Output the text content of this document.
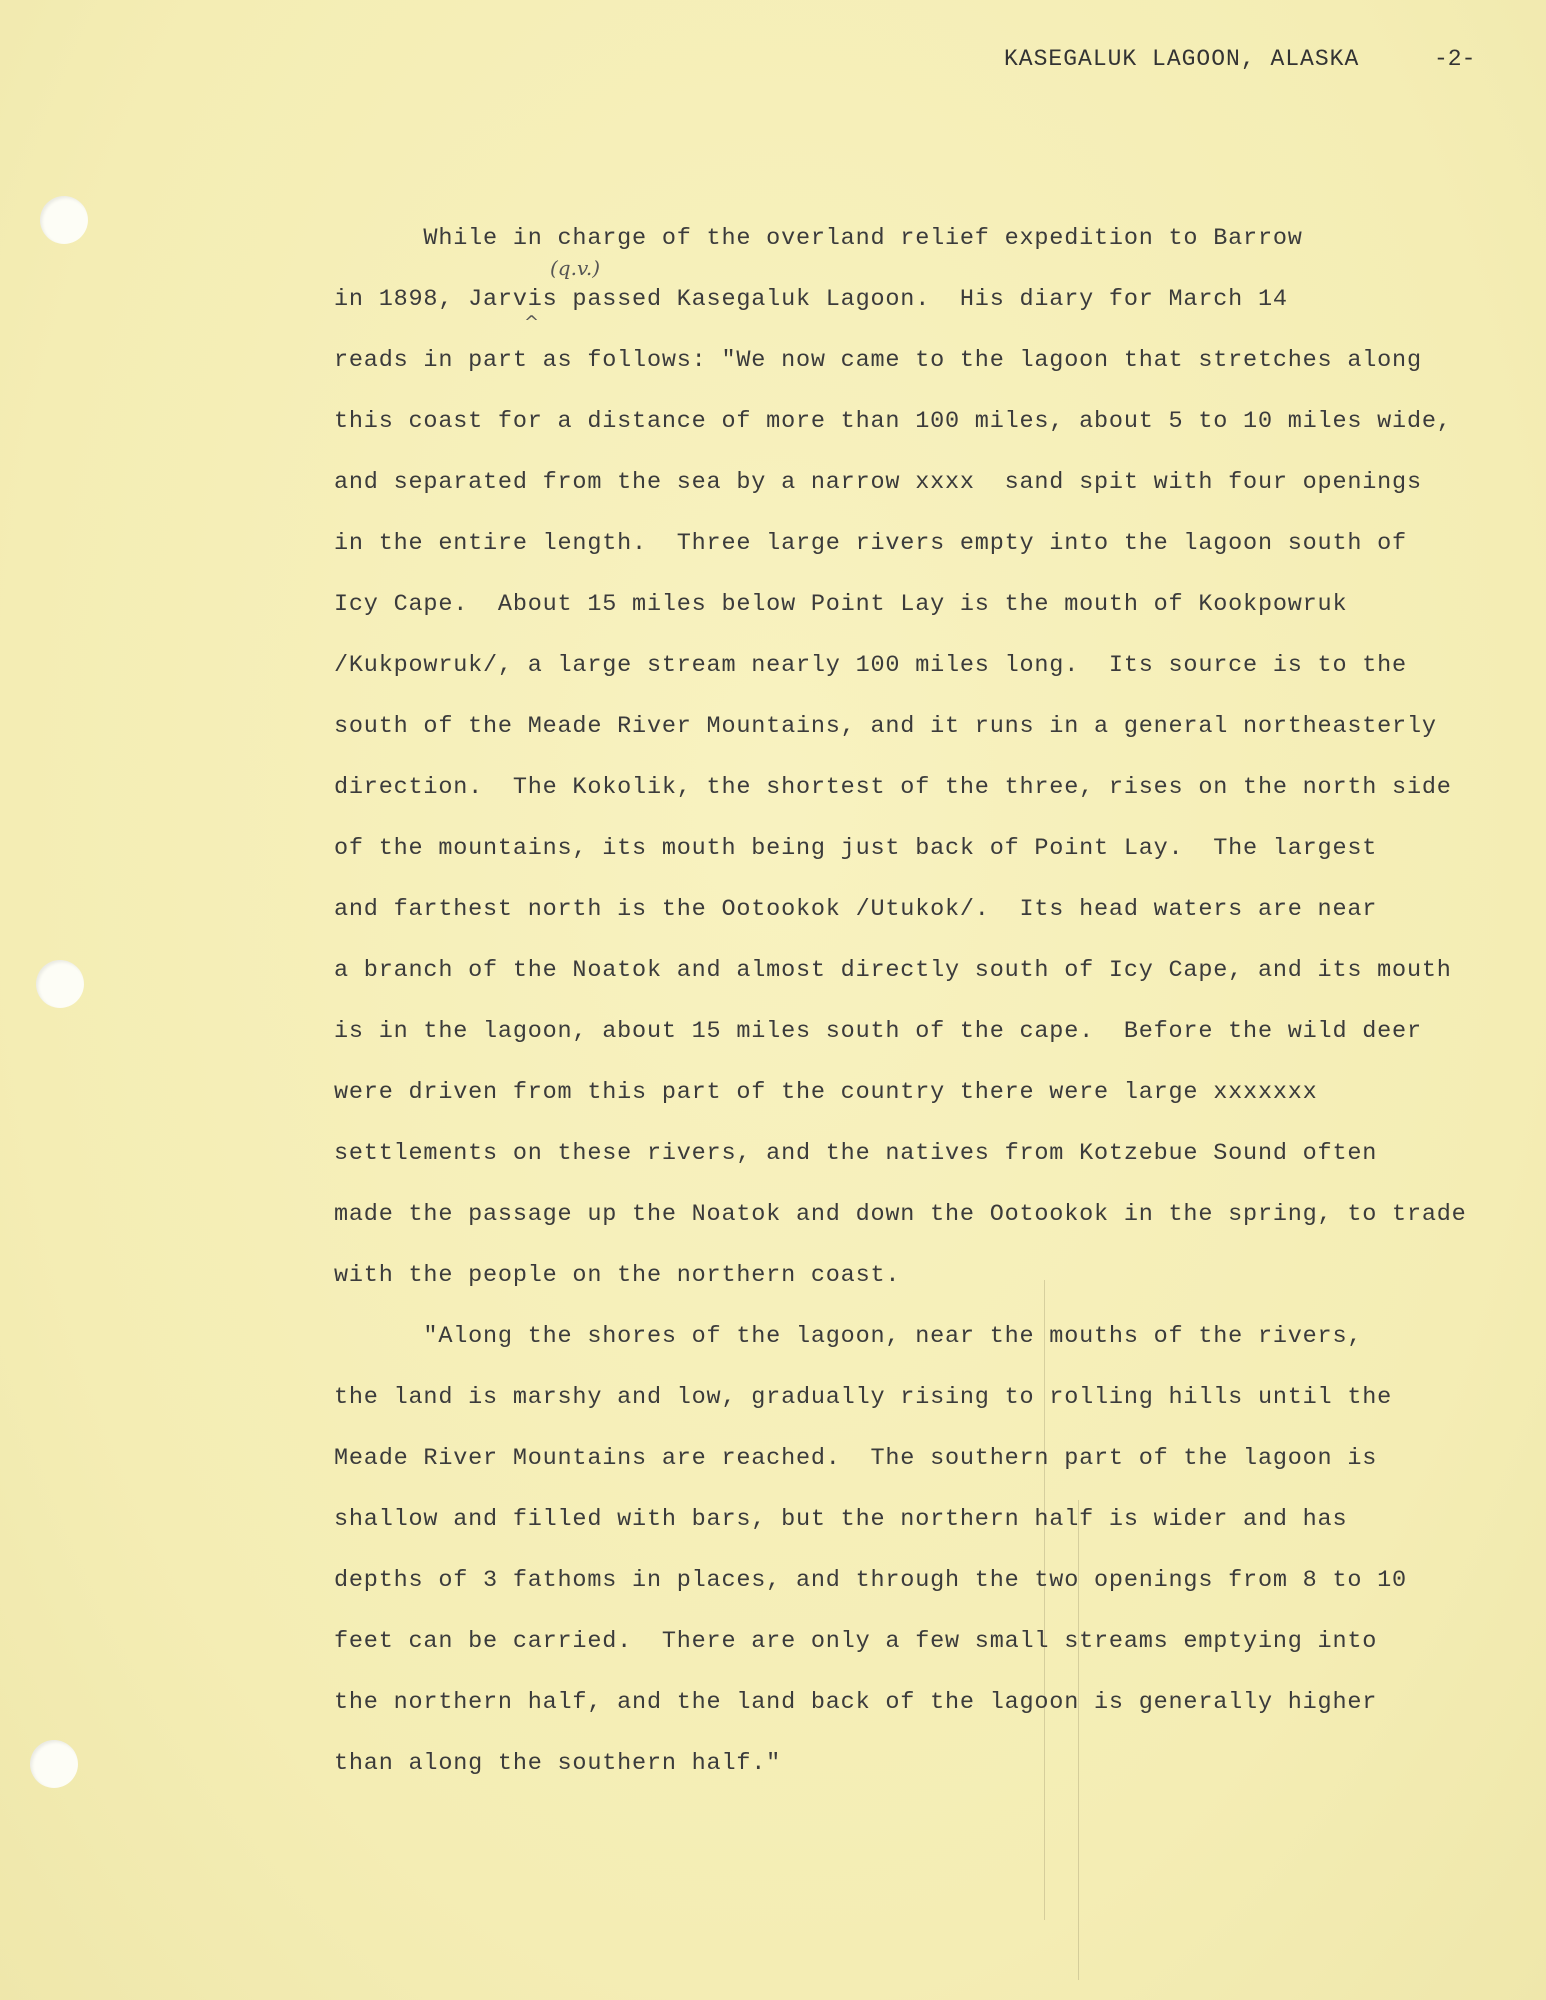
KASEGALUK LAGOON, ALASKA	-2-
(q.v.)
^
While in charge of the overland relief expedition to Barrow
in 1898, Jarvis passed Kasegaluk Lagoon.  His diary for March 14
reads in part as follows: "We now came to the lagoon that stretches along
this coast for a distance of more than 100 miles, about 5 to 10 miles wide,
and separated from the sea by a narrow xxxx  sand spit with four openings
in the entire length.  Three large rivers empty into the lagoon south of
Icy Cape.  About 15 miles below Point Lay is the mouth of Kookpowruk
/Kukpowruk/, a large stream nearly 100 miles long.  Its source is to the
south of the Meade River Mountains, and it runs in a general northeasterly
direction.  The Kokolik, the shortest of the three, rises on the north side
of the mountains, its mouth being just back of Point Lay.  The largest
and farthest north is the Ootookok /Utukok/.  Its head waters are near
a branch of the Noatok and almost directly south of Icy Cape, and its mouth
is in the lagoon, about 15 miles south of the cape.  Before the wild deer
were driven from this part of the country there were large xxxxxxx
settlements on these rivers, and the natives from Kotzebue Sound often
made the passage up the Noatok and down the Ootookok in the spring, to trade
with the people on the northern coast.
"Along the shores of the lagoon, near the mouths of the rivers,
the land is marshy and low, gradually rising to rolling hills until the
Meade River Mountains are reached.  The southern part of the lagoon is
shallow and filled with bars, but the northern half is wider and has
depths of 3 fathoms in places, and through the two openings from 8 to 10
feet can be carried.  There are only a few small streams emptying into
the northern half, and the land back of the lagoon is generally higher
than along the southern half."
